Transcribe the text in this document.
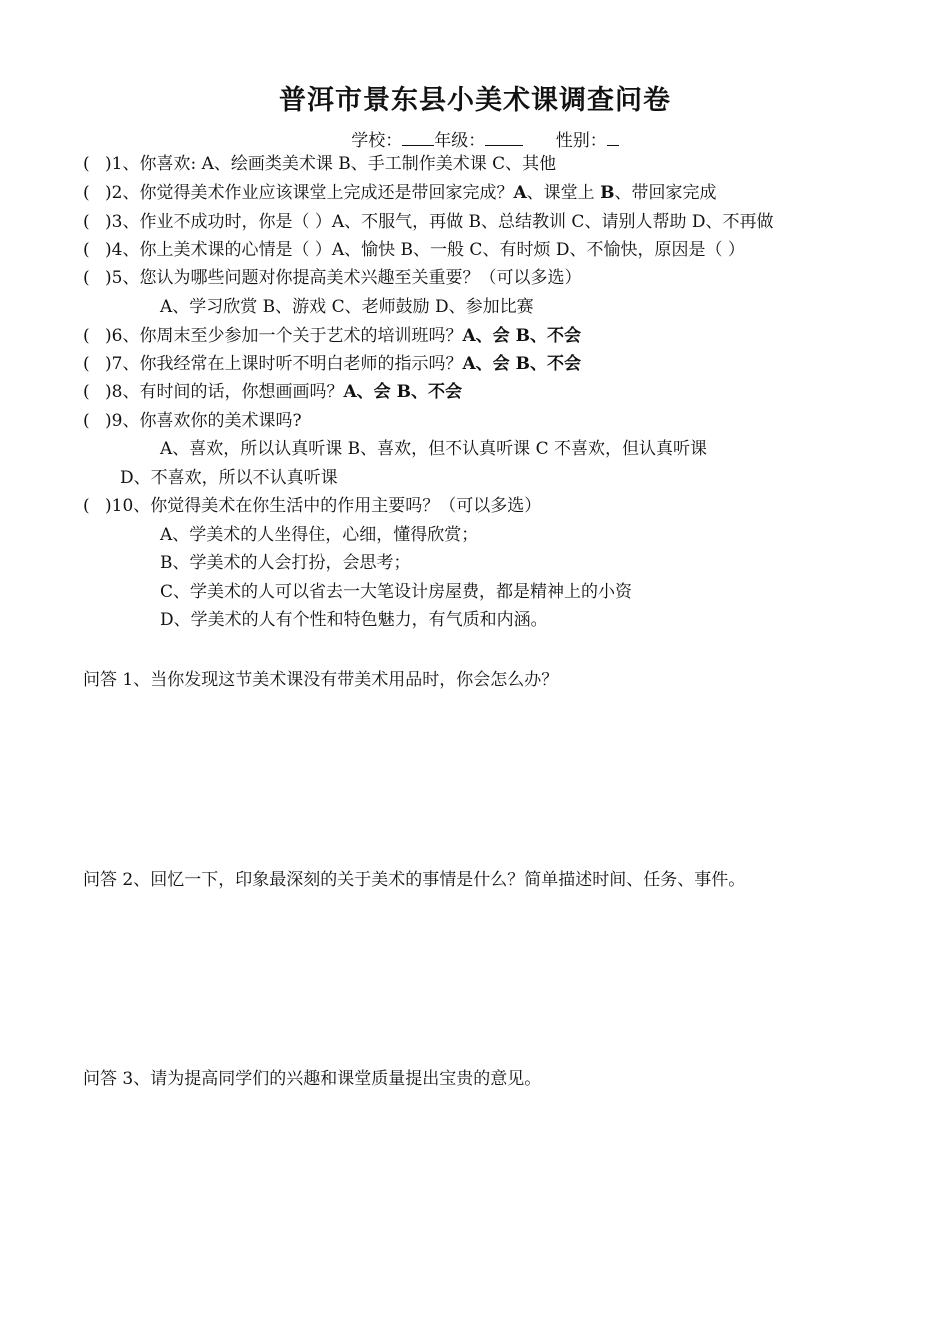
普洱市景东县小美术课调查问卷
学校： 年级：	性别：
( )1、你喜欢: A、绘画类美术课 B、手工制作美术课 C、其他
( )2、你觉得美术作业应该课堂上完成还是带回家完成？A、课堂上 B、带回家完成
( )3、作业不成功时，你是（ ）A、不服气，再做 B、总结教训 C、请别人帮助 D、不再做
( )4、你上美术课的心情是（ ）A、愉快 B、一般 C、有时烦 D、不愉快，原因是（ ）
( )5、您认为哪些问题对你提高美术兴趣至关重要？（可以多选）
A、学习欣赏 B、游戏 C、老师鼓励 D、参加比赛
( )6、你周末至少参加一个关于艺术的培训班吗？A、会 B、不会
( )7、你我经常在上课时听不明白老师的指示吗？A、会 B、不会
( )8、有时间的话，你想画画吗？A、会 B、不会
( )9、你喜欢你的美术课吗?
A、喜欢，所以认真听课 B、喜欢，但不认真听课 C 不喜欢，但认真听课
D、不喜欢，所以不认真听课
( )10、你觉得美术在你生活中的作用主要吗？（可以多选）
A、学美术的人坐得住，心细，懂得欣赏；
B、学美术的人会打扮，会思考；
C、学美术的人可以省去一大笔设计房屋费，都是精神上的小资
D、学美术的人有个性和特色魅力，有气质和内涵。
问答 1、当你发现这节美术课没有带美术用品时，你会怎么办？
问答 2、回忆一下，印象最深刻的关于美术的事情是什么？简单描述时间、任务、事件。
问答 3、请为提高同学们的兴趣和课堂质量提出宝贵的意见。
